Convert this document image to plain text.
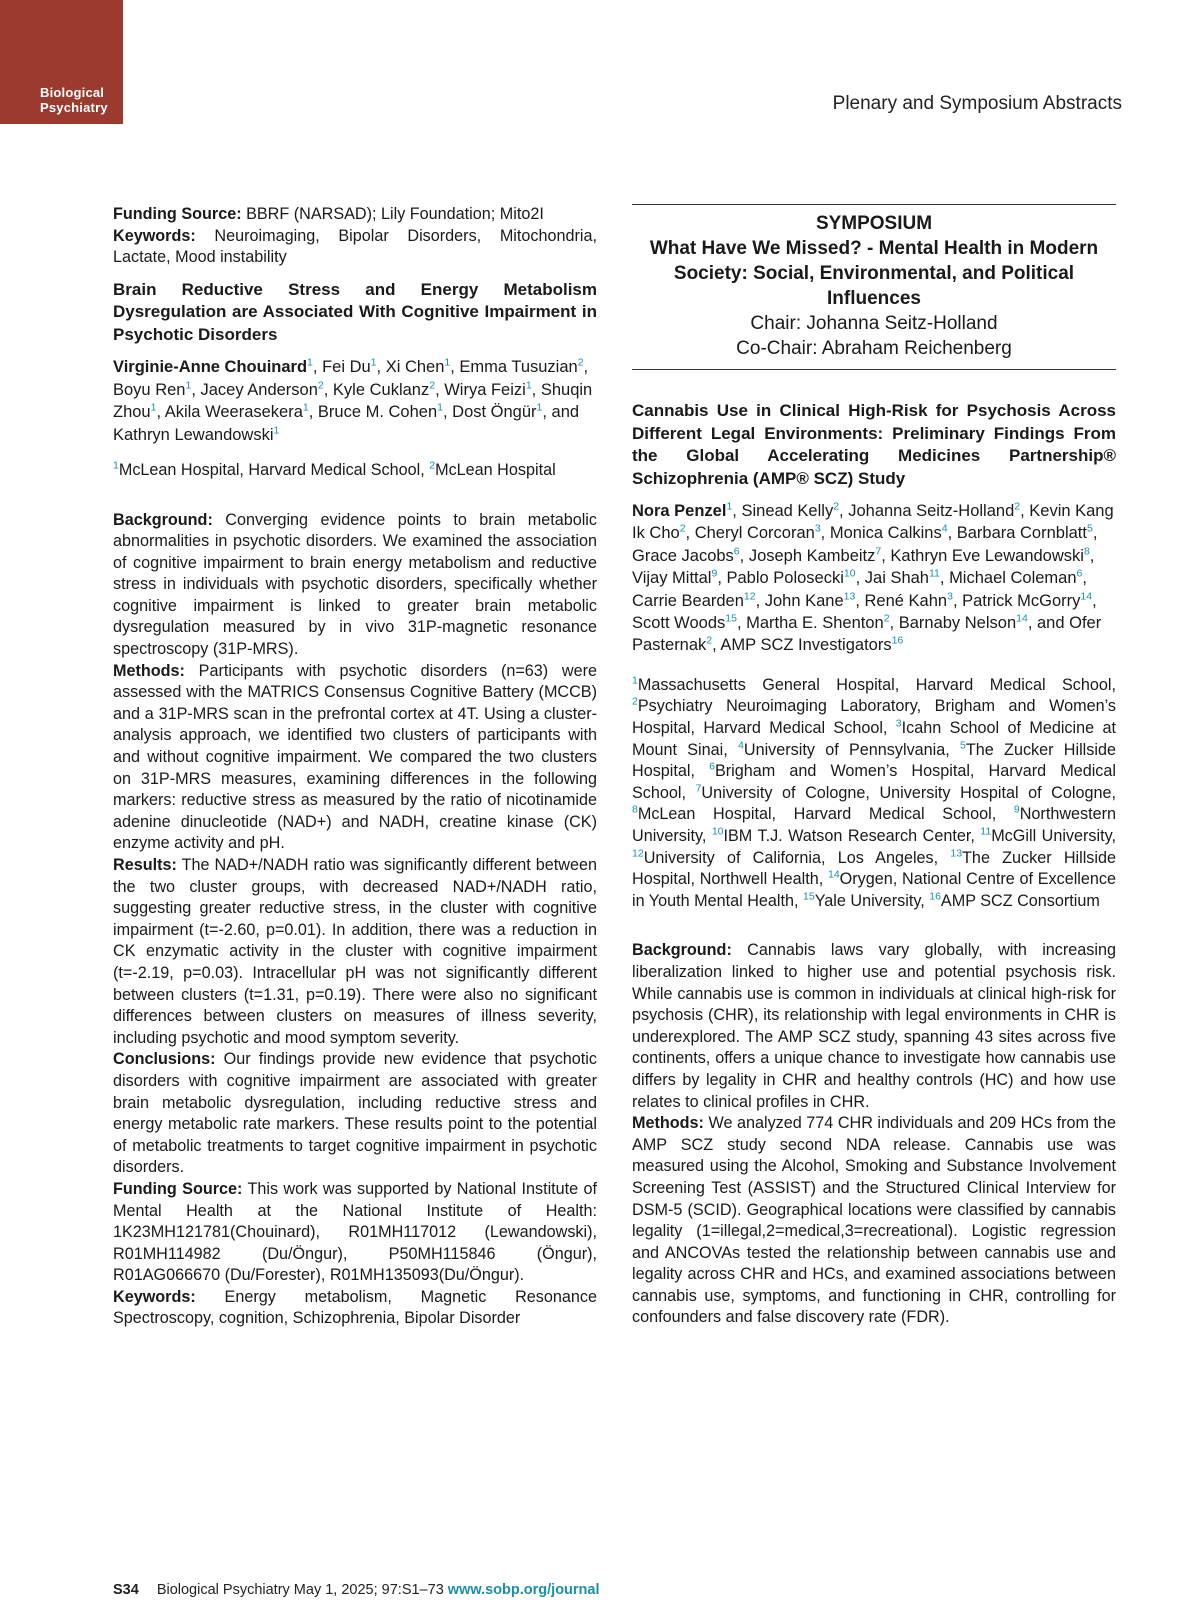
Biological
Psychiatry	Plenary and Symposium Abstracts

Funding Source: BBRF (NARSAD); Lily Foundation; Mito2I

Keywords: Neuroimaging, Bipolar Disorders, Mitochondria, Lactate, Mood instability

Brain Reductive Stress and Energy Metabolism Dysregulation are Associated With Cognitive Impairment in Psychotic Disorders

Virginie-Anne Chouinard$^1$, Fei Du$^1$, Xi Chen$^1$, Emma Tusuzian$^2$, Boyu Ren$^1$, Jacey Anderson$^2$, Kyle Cuklanz$^2$, Wirya Feizi$^1$, Shuqin Zhou$^1$, Akila Weerasekera$^1$, Bruce M. Cohen$^1$, Dost Öngür$^1$, and Kathryn Lewandowski$^1$

$^1$McLean Hospital, Harvard Medical School, $^2$McLean Hospital

Background: Converging evidence points to brain metabolic abnormalities in psychotic disorders. We examined the association of cognitive impairment to brain energy metabolism and reductive stress in individuals with psychotic disorders, specifically whether cognitive impairment is linked to greater brain metabolic dysregulation measured by in vivo 31P-magnetic resonance spectroscopy (31P-MRS).

Methods: Participants with psychotic disorders (n=63) were assessed with the MATRICS Consensus Cognitive Battery (MCCB) and a 31P-MRS scan in the prefrontal cortex at 4T. Using a cluster-analysis approach, we identified two clusters of participants with and without cognitive impairment. We compared the two clusters on 31P-MRS measures, examining differences in the following markers: reductive stress as measured by the ratio of nicotinamide adenine dinucleotide (NAD+) and NADH, creatine kinase (CK) enzyme activity and pH.

Results: The NAD+/NADH ratio was significantly different between the two cluster groups, with decreased NAD+/NADH ratio, suggesting greater reductive stress, in the cluster with cognitive impairment (t=-2.60, p=0.01). In addition, there was a reduction in CK enzymatic activity in the cluster with cognitive impairment (t=-2.19, p=0.03). Intracellular pH was not significantly different between clusters (t=1.31, p=0.19). There were also no significant differences between clusters on measures of illness severity, including psychotic and mood symptom severity.

Conclusions: Our findings provide new evidence that psychotic disorders with cognitive impairment are associated with greater brain metabolic dysregulation, including reductive stress and energy metabolic rate markers. These results point to the potential of metabolic treatments to target cognitive impairment in psychotic disorders.

Funding Source: This work was supported by National Institute of Mental Health at the National Institute of Health: 1K23MH121781(Chouinard), R01MH117012 (Lewandowski), R01MH114982 (Du/Öngur), P50MH115846 (Öngur), R01AG066670 (Du/Forester), R01MH135093(Du/Öngur).

Keywords: Energy metabolism, Magnetic Resonance Spectroscopy, cognition, Schizophrenia, Bipolar Disorder

SYMPOSIUM
What Have We Missed? - Mental Health in Modern Society: Social, Environmental, and Political Influences
Chair: Johanna Seitz-Holland
Co-Chair: Abraham Reichenberg

Cannabis Use in Clinical High-Risk for Psychosis Across Different Legal Environments: Preliminary Findings From the Global Accelerating Medicines Partnership® Schizophrenia (AMP® SCZ) Study

Nora Penzel$^1$, Sinead Kelly$^2$, Johanna Seitz-Holland$^2$, Kevin Kang Ik Cho$^2$, Cheryl Corcoran$^3$, Monica Calkins$^4$, Barbara Cornblatt$^5$, Grace Jacobs$^6$, Joseph Kambeitz$^7$, Kathryn Eve Lewandowski$^8$, Vijay Mittal$^9$, Pablo Polosecki$^{10}$, Jai Shah$^{11}$, Michael Coleman$^6$, Carrie Bearden$^{12}$, John Kane$^{13}$, René Kahn$^3$, Patrick McGorry$^{14}$, Scott Woods$^{15}$, Martha E. Shenton$^2$, Barnaby Nelson$^{14}$, and Ofer Pasternak$^2$, AMP SCZ Investigators$^{16}$

$^1$Massachusetts General Hospital, Harvard Medical School, $^2$Psychiatry Neuroimaging Laboratory, Brigham and Women’s Hospital, Harvard Medical School, $^3$Icahn School of Medicine at Mount Sinai, $^4$University of Pennsylvania, $^5$The Zucker Hillside Hospital, $^6$Brigham and Women’s Hospital, Harvard Medical School, $^7$University of Cologne, University Hospital of Cologne, $^8$McLean Hospital, Harvard Medical School, $^9$Northwestern University, $^{10}$IBM T.J. Watson Research Center, $^{11}$McGill University, $^{12}$University of California, Los Angeles, $^{13}$The Zucker Hillside Hospital, Northwell Health, $^{14}$Orygen, National Centre of Excellence in Youth Mental Health, $^{15}$Yale University, $^{16}$AMP SCZ Consortium

Background: Cannabis laws vary globally, with increasing liberalization linked to higher use and potential psychosis risk. While cannabis use is common in individuals at clinical high-risk for psychosis (CHR), its relationship with legal environments in CHR is underexplored. The AMP SCZ study, spanning 43 sites across five continents, offers a unique chance to investigate how cannabis use differs by legality in CHR and healthy controls (HC) and how use relates to clinical profiles in CHR.

Methods: We analyzed 774 CHR individuals and 209 HCs from the AMP SCZ study second NDA release. Cannabis use was measured using the Alcohol, Smoking and Substance Involvement Screening Test (ASSIST) and the Structured Clinical Interview for DSM-5 (SCID). Geographical locations were classified by cannabis legality (1=illegal,2=medical,3=recreational). Logistic regression and ANCOVAs tested the relationship between cannabis use and legality across CHR and HCs, and examined associations between cannabis use, symptoms, and functioning in CHR, controlling for confounders and false discovery rate (FDR).

S34 Biological Psychiatry May 1, 2025; 97:S1–73 www.sobp.org/journal
